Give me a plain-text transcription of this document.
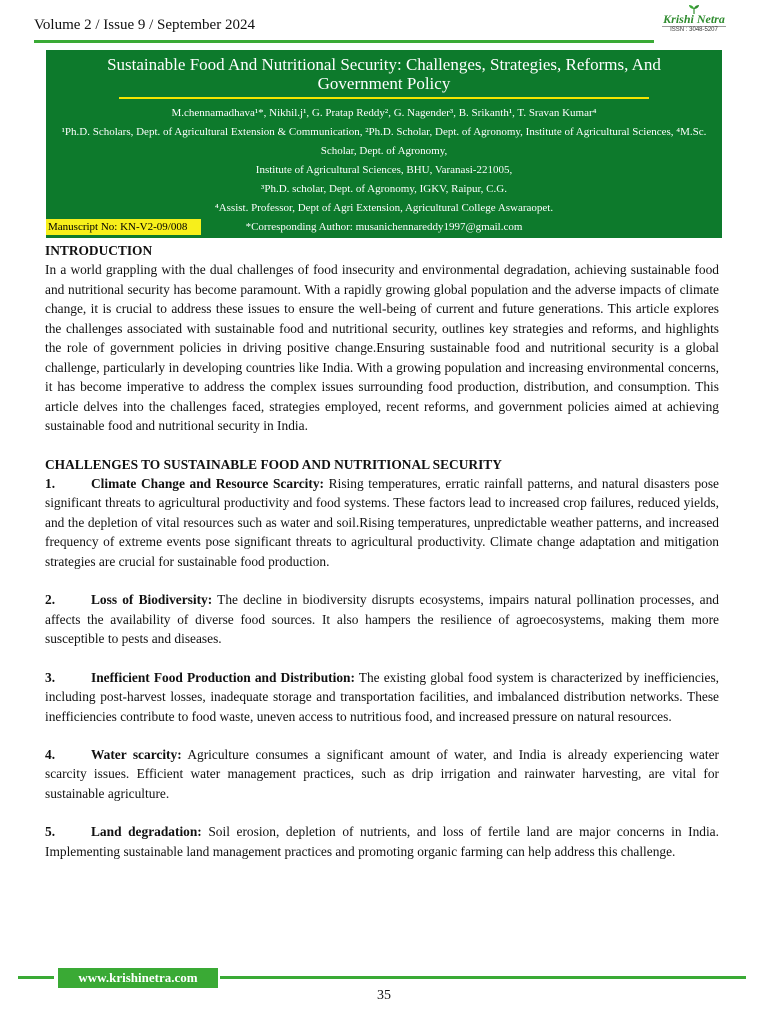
Volume 2 / Issue 9 / September 2024	Krishi Netra
ISSN : 3048-5207
Sustainable Food And Nutritional Security: Challenges, Strategies, Reforms, And Government Policy
M.chennamadhava¹*, Nikhil.j¹, G. Pratap Reddy², G. Nagender³, B. Srikanth¹, T. Sravan Kumar⁴
¹Ph.D. Scholars, Dept. of Agricultural Extension & Communication, ²Ph.D. Scholar, Dept. of Agronomy, Institute of Agricultural Sciences, ⁴M.Sc. Scholar, Dept. of Agronomy,
Institute of Agricultural Sciences, BHU, Varanasi-221005,
³Ph.D. scholar, Dept. of Agronomy, IGKV, Raipur, C.G.
⁴Assist. Professor, Dept of Agri Extension, Agricultural College Aswaraopet.
*Corresponding Author: musanichennareddy1997@gmail.com
Manuscript No: KN-V2-09/008
INTRODUCTION

In a world grappling with the dual challenges of food insecurity and environmental degradation, achieving sustainable food and nutritional security has become paramount. With a rapidly growing global population and the adverse impacts of climate change, it is crucial to address these issues to ensure the well-being of current and future generations. This article explores the challenges associated with sustainable food and nutritional security, outlines key strategies and reforms, and highlights the role of government policies in driving positive change.Ensuring sustainable food and nutritional security is a global challenge, particularly in developing countries like India. With a growing population and increasing environmental concerns, it has become imperative to address the complex issues surrounding food production, distribution, and consumption. This article delves into the challenges faced, strategies employed, recent reforms, and government policies aimed at achieving sustainable food and nutritional security in India.

CHALLENGES TO SUSTAINABLE FOOD AND NUTRITIONAL SECURITY

1.	Climate Change and Resource Scarcity: Rising temperatures, erratic rainfall patterns, and natural disasters pose significant threats to agricultural productivity and food systems. These factors lead to increased crop failures, reduced yields, and the depletion of vital resources such as water and soil.Rising temperatures, unpredictable weather patterns, and increased frequency of extreme events pose significant threats to agricultural productivity. Climate change adaptation and mitigation strategies are crucial for sustainable food production.

2.	Loss of Biodiversity: The decline in biodiversity disrupts ecosystems, impairs natural pollination processes, and affects the availability of diverse food sources. It also hampers the resilience of agroecosystems, making them more susceptible to pests and diseases.

3.	Inefficient Food Production and Distribution: The existing global food system is characterized by inefficiencies, including post-harvest losses, inadequate storage and transportation facilities, and imbalanced distribution networks. These inefficiencies contribute to food waste, uneven access to nutritious food, and increased pressure on natural resources.

4.	Water scarcity: Agriculture consumes a significant amount of water, and India is already experiencing water scarcity issues. Efficient water management practices, such as drip irrigation and rainwater harvesting, are vital for sustainable agriculture.

5.	Land degradation: Soil erosion, depletion of nutrients, and loss of fertile land are major concerns in India. Implementing sustainable land management practices and promoting organic farming can help address this challenge.

www.krishinetra.com
35
